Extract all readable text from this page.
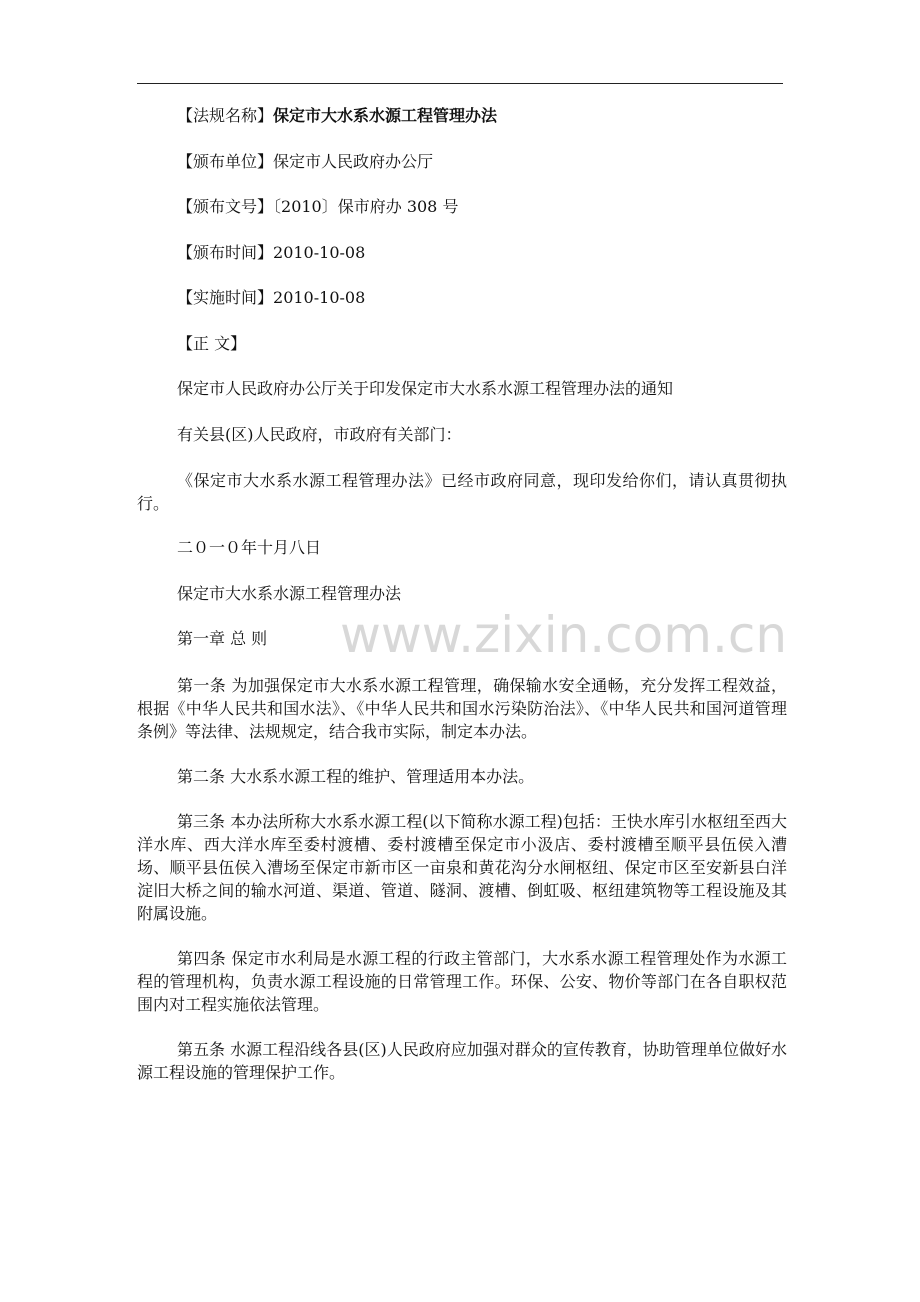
【法规名称】保定市大水系水源工程管理办法
【颁布单位】保定市人民政府办公厅
【颁布文号】〔2010〕保市府办 308 号
【颁布时间】2010-10-08
【实施时间】2010-10-08
【正 文】
保定市人民政府办公厅关于印发保定市大水系水源工程管理办法的通知
有关县(区)人民政府，市政府有关部门：
《保定市大水系水源工程管理办法》已经市政府同意，现印发给你们，请认真贯彻执行。
二０一０年十月八日
保定市大水系水源工程管理办法
第一章 总 则
第一条 为加强保定市大水系水源工程管理，确保输水安全通畅，充分发挥工程效益，根据《中华人民共和国水法》、《中华人民共和国水污染防治法》、《中华人民共和国河道管理条例》等法律、法规规定，结合我市实际，制定本办法。
第二条 大水系水源工程的维护、管理适用本办法。
第三条 本办法所称大水系水源工程(以下简称水源工程)包括：王快水库引水枢纽至西大洋水库、西大洋水库至委村渡槽、委村渡槽至保定市小汲店、委村渡槽至顺平县伍侯入漕场、顺平县伍侯入漕场至保定市新市区一亩泉和黄花沟分水闸枢纽、保定市区至安新县白洋淀旧大桥之间的输水河道、渠道、管道、隧洞、渡槽、倒虹吸、枢纽建筑物等工程设施及其附属设施。
第四条 保定市水利局是水源工程的行政主管部门，大水系水源工程管理处作为水源工程的管理机构，负责水源工程设施的日常管理工作。环保、公安、物价等部门在各自职权范围内对工程实施依法管理。
第五条 水源工程沿线各县(区)人民政府应加强对群众的宣传教育，协助管理单位做好水源工程设施的管理保护工作。
www.zixin.com.cn
